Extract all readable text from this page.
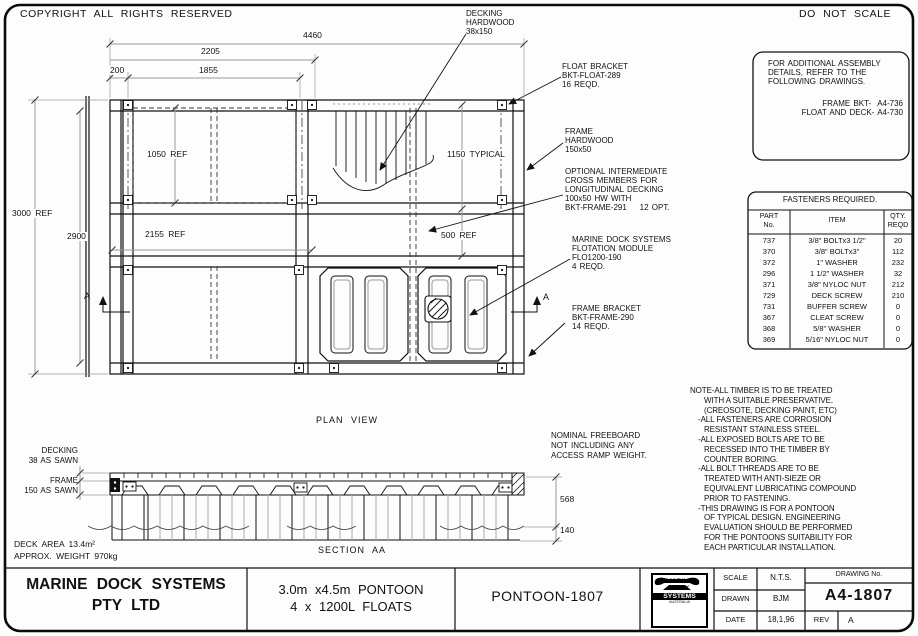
COPYRIGHT ALL RIGHTS RESERVED	DO NOT SCALE
DECKING
HARDWOOD
38x150
FLOAT BRACKET
BKT-FLOAT-289
16 REQD.
FRAME
HARDWOOD
150x50
OPTIONAL INTERMEDIATE
CROSS MEMBERS FOR
LONGITUDINAL DECKING
100x50 HW WITH
BKT-FRAME-291    12 OPT.
MARINE DOCK SYSTEMS
FLOTATION MODULE
FLO1200-190
4 REQD.
FRAME BRACKET
BKT-FRAME-290
14 REQD.
NOMINAL FREEBOARD
NOT INCLUDING ANY
ACCESS RAMP WEIGHT.
DECKING
38 AS SAWN
FRAME
150 AS SAWN
DECK AREA 13.4m²
APPROX. WEIGHT 970kg
4460
2205
200	1855
3000 REF
2900
1050 REF
2155 REF
1150 TYPICAL
500 REF
568
140
A	A
PLAN VIEW
SECTION AA
FOR ADDITIONAL ASSEMBLY
DETAILS, REFER TO THE
FOLLOWING DRAWINGS.
FRAME BKT-  A4-736
FLOAT AND DECK- A4-730
FASTENERS REQUIRED.
PART
No.
ITEM	QTY.
REQD
737	3/8" BOLTx3 1/2"	20
370	3/8" BOLTx3"	112
372	1" WASHER	232
296	1 1/2" WASHER	32
371	3/8" NYLOC NUT	212
729	DECK SCREW	210
731	BUFFER SCREW	0
367	CLEAT SCREW	0
368	5/8" WASHER	0
369	5/16" NYLOC NUT	0
NOTE-ALL TIMBER IS TO BE TREATED
WITH A SUITABLE PRESERVATIVE.
(CREOSOTE, DECKING PAINT, ETC)
-ALL FASTENERS ARE CORROSION
RESISTANT STAINLESS STEEL.
-ALL EXPOSED BOLTS ARE TO BE
RECESSED INTO THE TIMBER BY
COUNTER BORING.
-ALL BOLT THREADS ARE TO BE
TREATED WITH ANTI-SIEZE OR
EQUIVALENT LUBRICATING COMPOUND
PRIOR TO FASTENING.
-THIS DRAWING IS FOR A PONTOON
OF TYPICAL DESIGN. ENGINEERING
EVALUATION SHOULD BE PERFORMED
FOR THE PONTOONS SUITABILITY FOR
EACH PARTICULAR INSTALLATION.
MARINE DOCK SYSTEMS
PTY LTD
3.0m x4.5m PONTOON
4 x 1200L FLOATS
PONTOON-1807	SYSTEMS
AUSTRALIA
SCALE	N.T.S.
DRAWN	BJM
DATE	18,1,96
DRAWING No.
A4-1807
REV	A
